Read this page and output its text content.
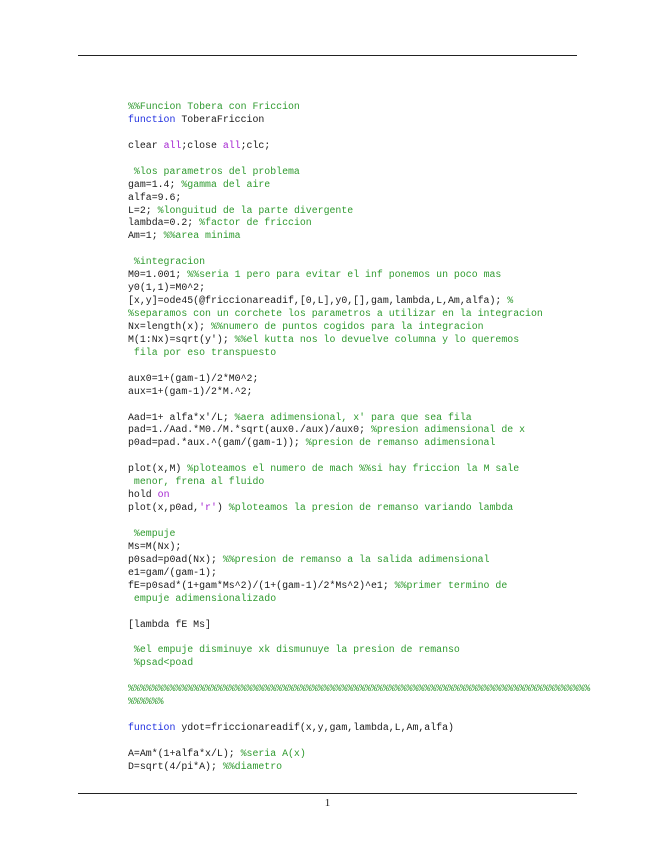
%%Funcion Tobera con Friccion
function ToberaFriccion
clear all;close all;clc;
%los parametros del problema
gam=1.4; %gamma del aire
alfa=9.6;
L=2; %longuitud de la parte divergente
lambda=0.2; %factor de friccion
Am=1; %%area minima
%integracion
M0=1.001; %%seria 1 pero para evitar el inf ponemos un poco mas
y0(1,1)=M0^2;
[x,y]=ode45(@friccionareadif,[0,L],y0,[],gam,lambda,L,Am,alfa); %
%separamos con un corchete los parametros a utilizar en la integracion
Nx=length(x); %%numero de puntos cogidos para la integracion
M(1:Nx)=sqrt(y'); %%el kutta nos lo devuelve columna y lo queremos
fila por eso transpuesto
aux0=1+(gam-1)/2*M0^2;
aux=1+(gam-1)/2*M.^2;
Aad=1+ alfa*x'/L; %aera adimensional, x' para que sea fila
pad=1./Aad.*M0./M.*sqrt(aux0./aux)/aux0; %presion adimensional de x
p0ad=pad.*aux.^(gam/(gam-1)); %presion de remanso adimensional
plot(x,M) %ploteamos el numero de mach %%si hay friccion la M sale
menor, frena al fluido
hold on
plot(x,p0ad,'r') %ploteamos la presion de remanso variando lambda
%empuje
Ms=M(Nx);
p0sad=p0ad(Nx); %%presion de remanso a la salida adimensional
e1=gam/(gam-1);
fE=p0sad*(1+gam*Ms^2)/(1+(gam-1)/2*Ms^2)^e1; %%primer termino de
empuje adimensionalizado
[lambda fE Ms]
%el empuje disminuye xk dismunuye la presion de remanso
%psad<poad
%%%%%%%%%%%%%%%%%%%%%%%%%%%%%%%%%%%%%%%%%%%%%%%%%%%%%%%%%%%%%%%%%%%%%%%%%%%%%%
%%%%%%
function ydot=friccionareadif(x,y,gam,lambda,L,Am,alfa)
A=Am*(1+alfa*x/L); %seria A(x)
D=sqrt(4/pi*A); %%diametro
1
